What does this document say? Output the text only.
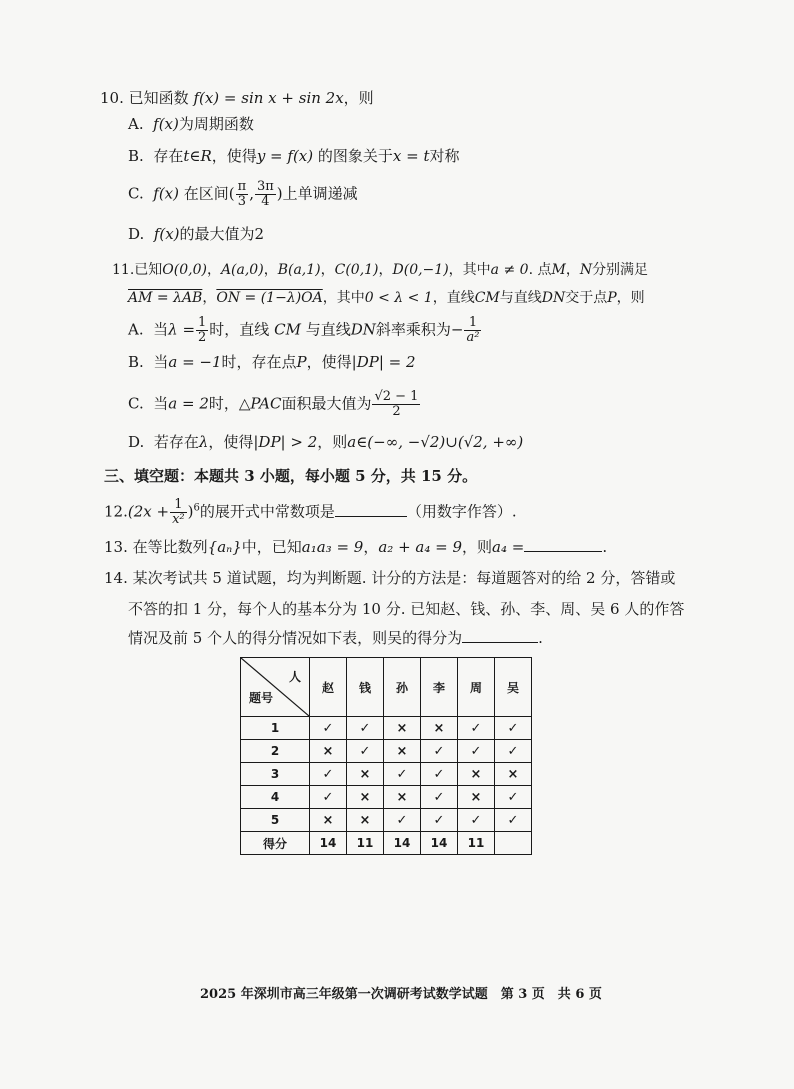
10. 已知函数 f(x) = sin x + sin 2x，则
A. f(x)为周期函数
B. 存在t∈R，使得y = f(x) 的图象关于x = t对称
C. f(x) 在区间( $\frac{\pi}{3}$ , $\frac{3\pi}{4}$ )上单调递减
D. f(x)的最大值为2
11.已知O(0,0)，A(a,0)，B(a,1)，C(0,1)，D(0,−1)，其中a ≠ 0. 点M，N分别满足
AM = λAB，ON = (1−λ)OA，其中0 < λ < 1，直线CM与直线DN交于点P，则
A. 当$\lambda = \frac{1}{2}$ 时，直线 CM 与直线DN斜率乘积为− $\frac{1}{\text{a²}}$
B. 当a = −1时，存在点P，使得|DP| = 2
C. 当a = 2时，△PAC面积最大值为 $\frac{√2 - 1}{2}$
D. 若存在λ，使得|DP| > 2，则a∈(−∞, −√2)∪(√2, +∞)
三、填空题：本题共 3 小题，每小题 5 分，共 15 分。
$12.(2x + \frac{1}{\text{x²}} )^6$的展开式中常数项是	（用数字作答）.
13. 在等比数列{aₙ}中，已知a₁a₃ = 9，a₂ + a₄ = 9，则a₄ =	.
14. 某次考试共 5 道试题，均为判断题. 计分的方法是：每道题答对的给 2 分，答错或
不答的扣 1 分，每个人的基本分为 10 分. 已知赵、钱、孙、李、周、吴 6 人的作答
情况及前 5 个人的得分情况如下表，则吴的得分为	.
人
题号	赵	钱	孙	李	周	吴
1	✓	✓	×	×	✓	✓
2	×	✓	×	✓	✓	✓
3	✓	×	✓	✓	×	×
4	✓	×	×	✓	×	✓
5	×	×	✓	✓	✓	✓
得分	14	11	14	14	11	
2025 年深圳市高三年级第一次调研考试数学试题　第 3 页　共 6 页
